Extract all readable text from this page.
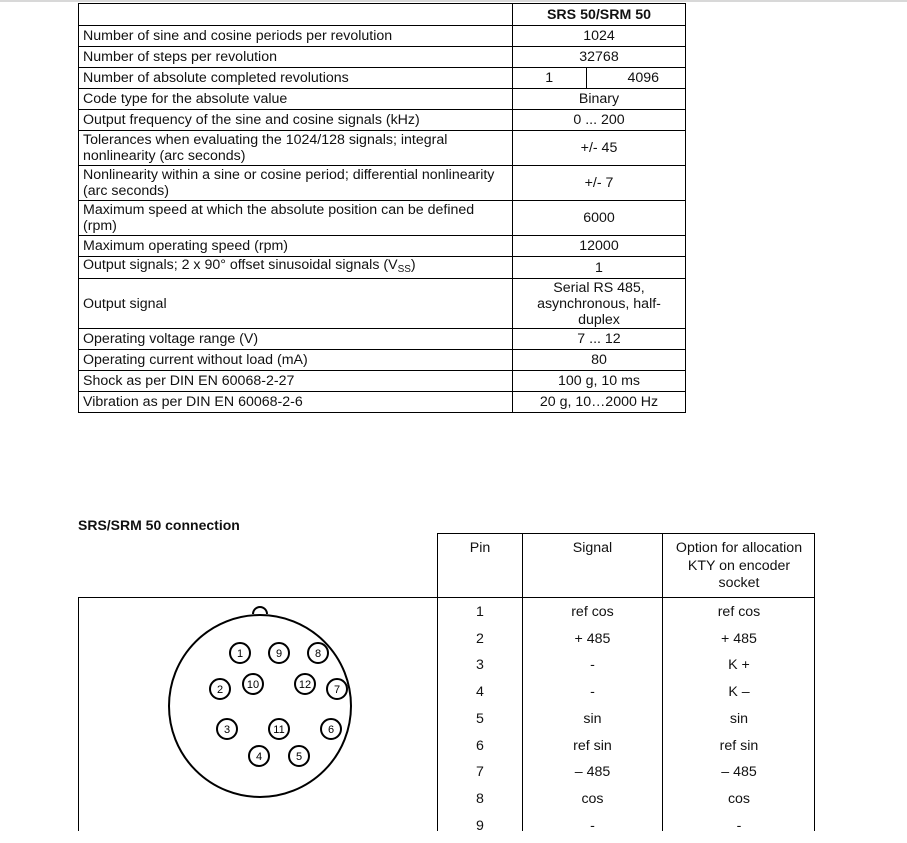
	SRS 50/SRM 50
Number of sine and cosine periods per revolution	1024
Number of steps per revolution	32768
Number of absolute completed revolutions	1 4096

Code type for the absolute value	Binary
Output frequency of the sine and cosine signals (kHz)	0 ... 200
Tolerances when evaluating the 1024/128 signals; integral nonlinearity (arc seconds)	+/- 45
Nonlinearity within a sine or cosine period; differential nonlinearity (arc seconds)	+/- 7
Maximum speed at which the absolute position can be defined (rpm)	6000
Maximum operating speed (rpm)	12000
Output signals; 2 x 90° offset sinusoidal signals $(V_{SS})$	1
Output signal	Serial RS 485, asynchronous, half-duplex
Operating voltage range (V)	7 ... 12
Operating current without load (mA)	80
Shock as per DIN EN 60068-2-27	100 g, 10 ms
Vibration as per DIN EN 60068-2-6	20 g, 10…2000 Hz
SRS/SRM 50 connection
Pin	Signal	Option for allocation KTY on encoder socket
1	ref cos	ref cos
2	+ 485	+ 485
3	-	K +
4	-	K –
5	sin	sin
6	ref sin	ref sin
7	– 485	– 485
8	cos	cos
9	-	-
1	9	8
2 10	12 7
3	11	6
4	5
